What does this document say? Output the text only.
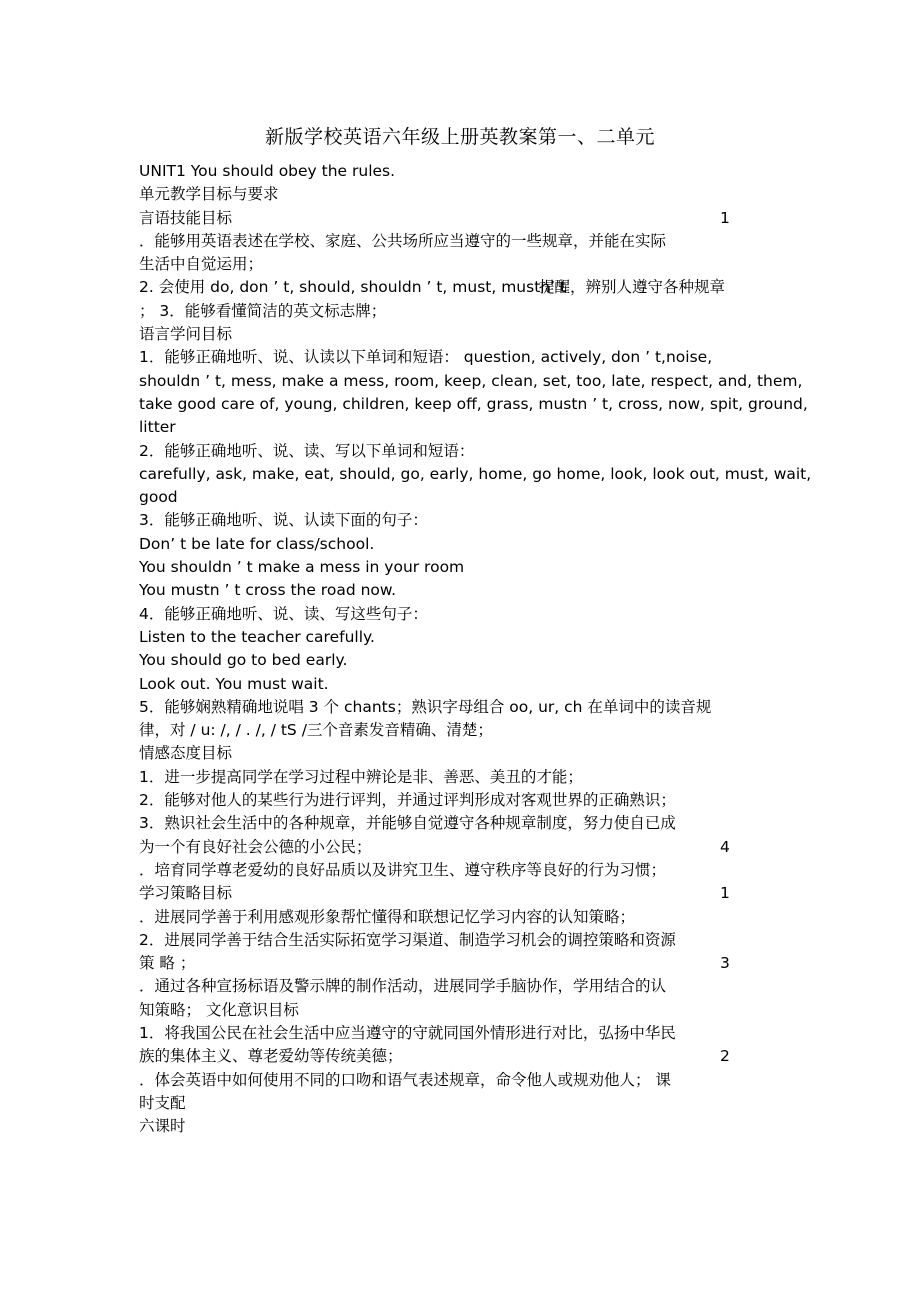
新版学校英语六年级上册英教案第一、二单元
UNIT1 You should obey the rules.
单元教学目标与要求
言语技能目标	1
．能够用英语表述在学校、家庭、公共场所应当遵守的一些规章，并能在实际
生活中自觉运用；
2. 会使用 do, don ’ t, should, shouldn ’ t, must, mustn’ t
提醒，辨别人遵守各种规章
； 3．能够看懂简洁的英文标志牌；
语言学问目标
1．能够正确地听、说、认读以下单词和短语： question, actively, don ’ t,noise,
shouldn ’ t, mess, make a mess, room, keep, clean, set, too, late, respect, and, them,
take good care of, young, children, keep off, grass, mustn ’ t, cross, now, spit, ground,
litter
2．能够正确地听、说、读、写以下单词和短语：
carefully, ask, make, eat, should, go, early, home, go home, look, look out, must, wait,
good
3．能够正确地听、说、认读下面的句子：
Don’ t be late for class/school.
You shouldn ’ t make a mess in your room
You mustn ’ t cross the road now.
4．能够正确地听、说、读、写这些句子：
Listen to the teacher carefully.
You should go to bed early.
Look out. You must wait.
5．能够娴熟精确地说唱 3 个 chants；熟识字母组合 oo, ur, ch 在单词中的读音规
律，对 / u: /, / . /, / tS /三个音素发音精确、清楚；
情感态度目标
1．进一步提高同学在学习过程中辨论是非、善恶、美丑的才能；
2．能够对他人的某些行为进行评判，并通过评判形成对客观世界的正确熟识；
3．熟识社会生活中的各种规章，并能够自觉遵守各种规章制度，努力使自已成
为一个有良好社会公德的小公民；	4
．培育同学尊老爱幼的良好品质以及讲究卫生、遵守秩序等良好的行为习惯；
学习策略目标	1
．进展同学善于利用感观形象帮忙懂得和联想记忆学习内容的认知策略；
2．进展同学善于结合生活实际拓宽学习渠道、制造学习机会的调控策略和资源
策 略 ；	3
．通过各种宣扬标语及警示牌的制作活动，进展同学手脑协作，学用结合的认
知策略； 文化意识目标
1．将我国公民在社会生活中应当遵守的守就同国外情形进行对比，弘扬中华民
族的集体主义、尊老爱幼等传统美德；	2
．体会英语中如何使用不同的口吻和语气表述规章，命令他人或规劝他人； 课
时支配
六课时
